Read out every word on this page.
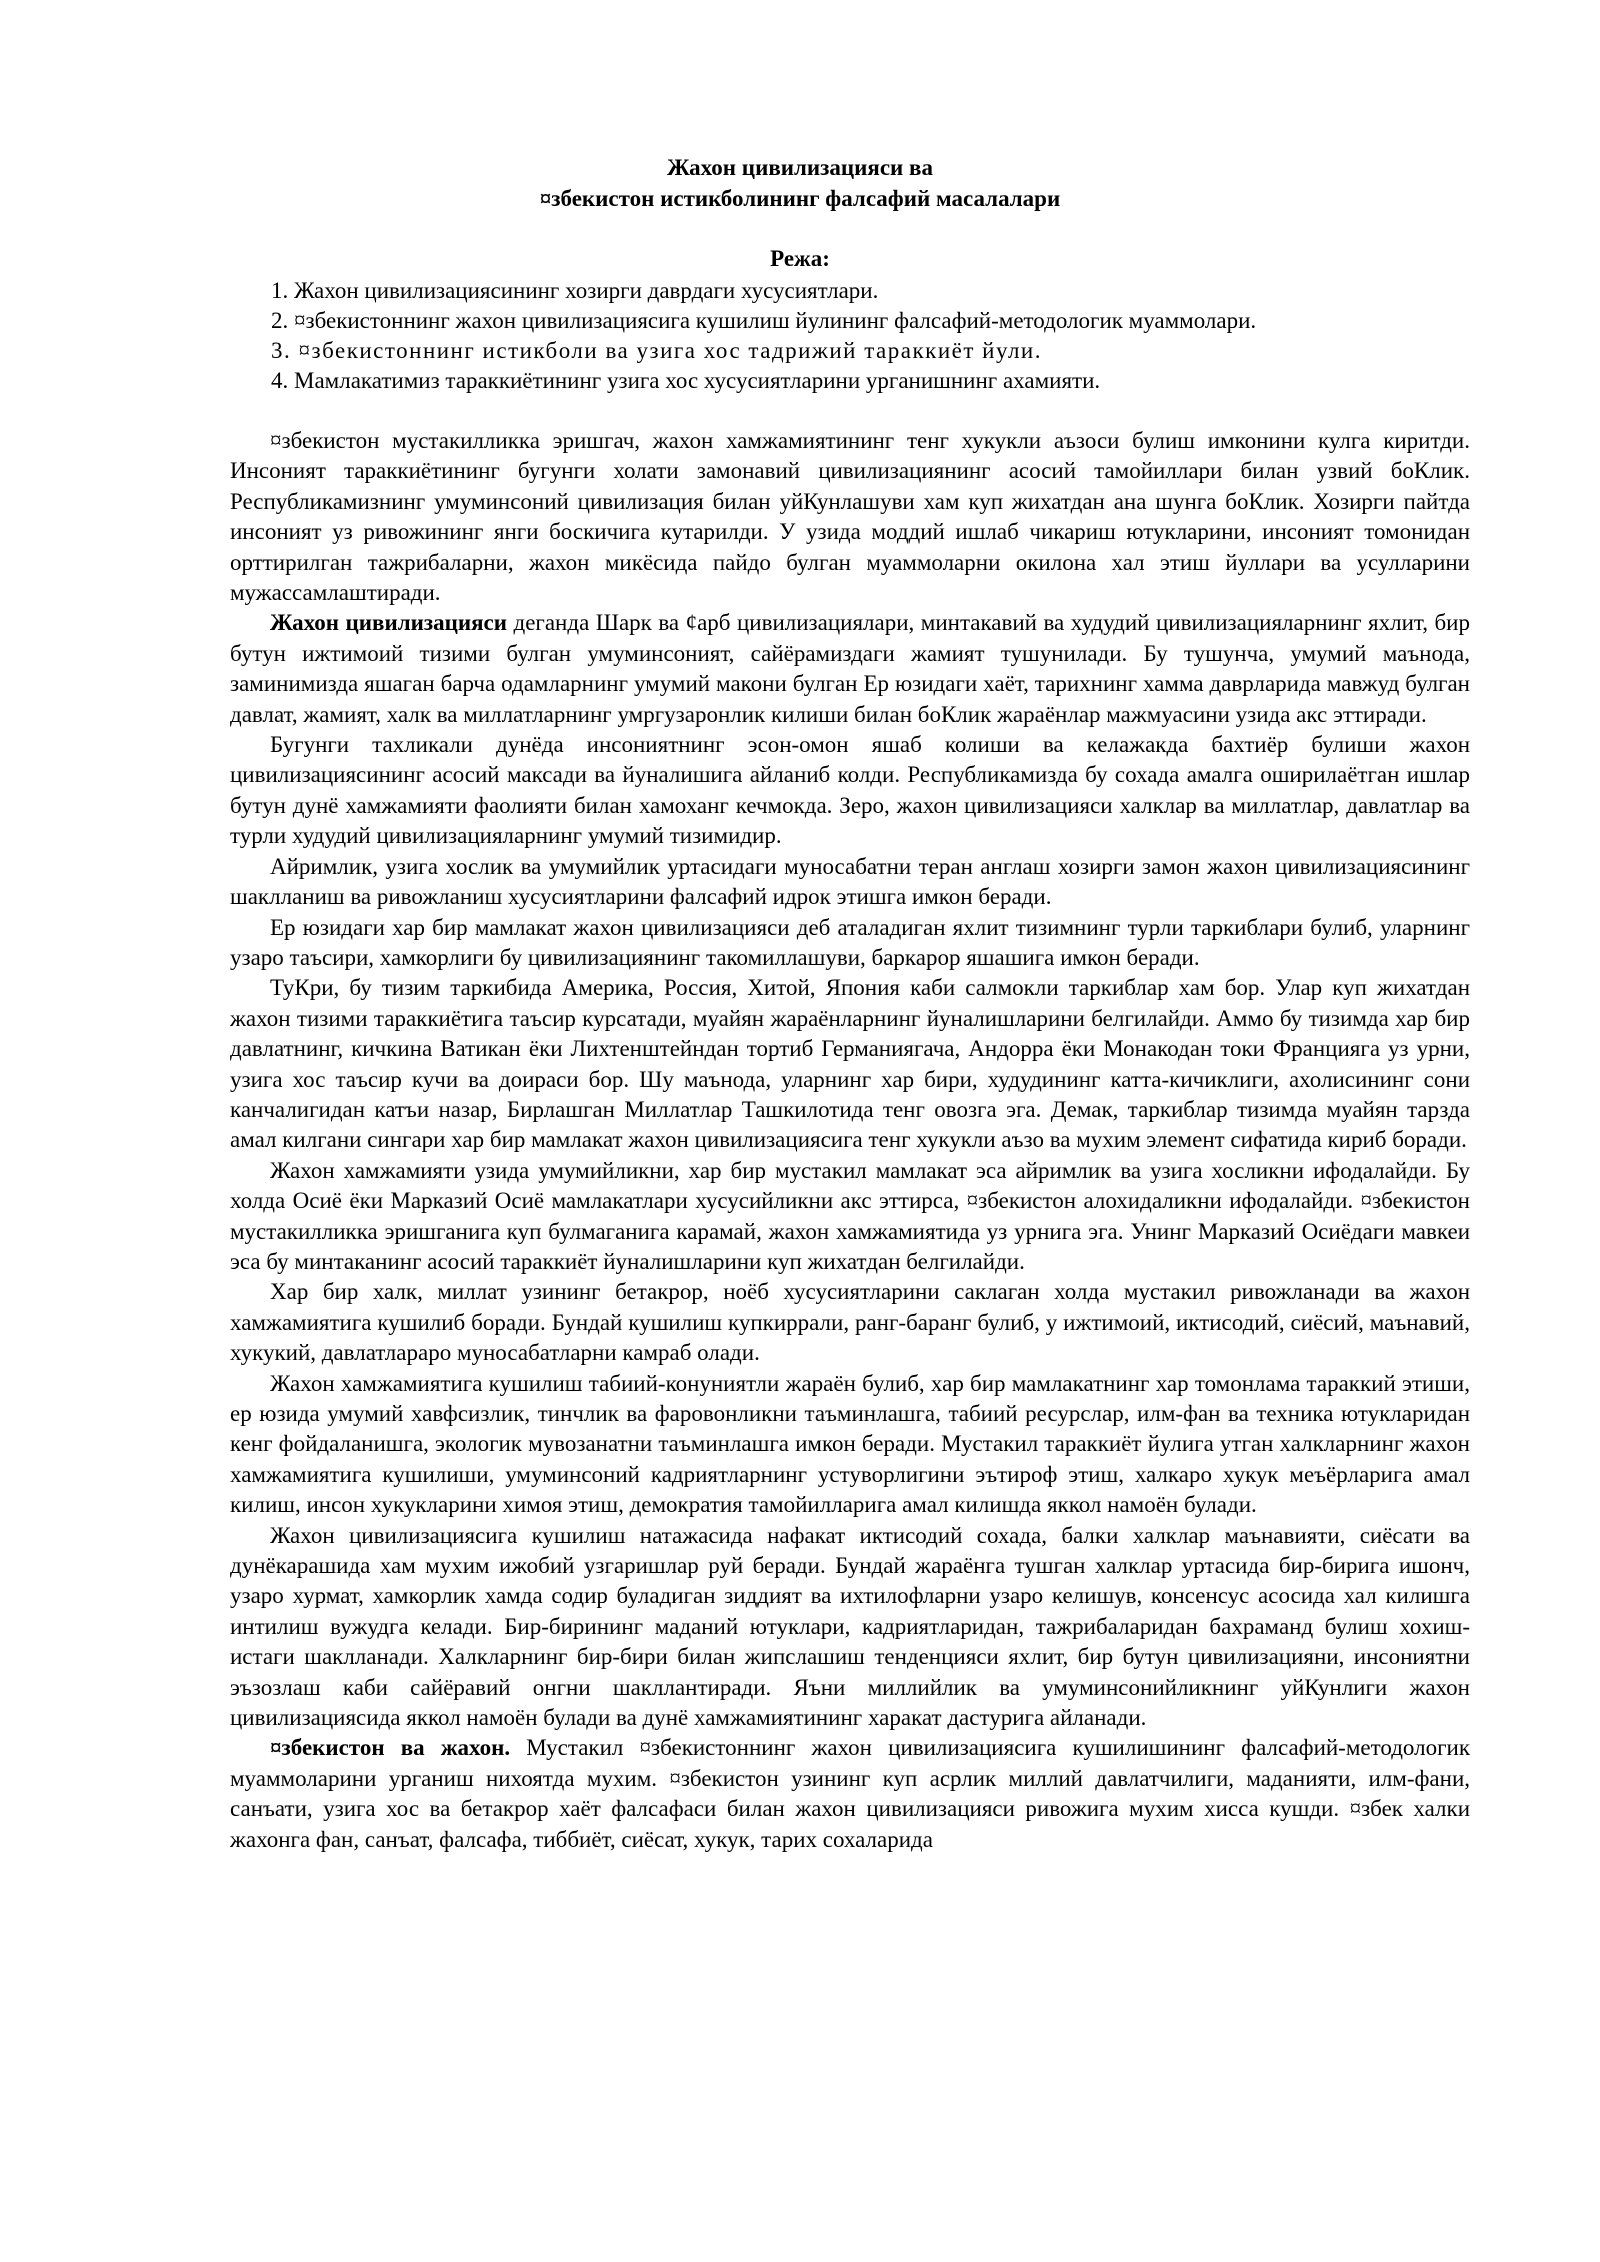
Жахон цивилизацияси ва
¤збекистон истикболининг фалсафий масалалари
Режа:
1. Жахон цивилизациясининг хозирги даврдаги хусусиятлари.
2. ¤збекистоннинг жахон цивилизациясига кушилиш йулининг фалсафий-методологик муаммолари.
3. ¤збекистоннинг истикболи ва узига хос тадрижий тараккиёт йули.
4. Мамлакатимиз тараккиётининг узига хос хусусиятларини урганишнинг ахамияти.

¤збекистон мустакилликка эришгач, жахон хамжамиятининг тенг хукукли аъзоси булиш имконини кулга киритди. Инсоният тараккиётининг бугунги холати замонавий цивилизациянинг асосий тамойиллари билан узвий боКлик. Республикамизнинг умуминсоний цивилизация билан уйКунлашуви хам куп жихатдан ана шунга боКлик. Хозирги пайтда инсоният уз ривожининг янги боскичига кутарилди. У узида моддий ишлаб чикариш ютукларини, инсоният томонидан орттирилган тажрибаларни, жахон микёсида пайдо булган муаммоларни окилона хал этиш йуллари ва усулларини мужассамлаштиради.

Жахон цивилизацияси деганда Шарк ва ¢арб цивилизациялари, минтакавий ва худудий цивилизацияларнинг яхлит, бир бутун ижтимоий тизими булган умуминсоният, сайёрамиздаги жамият тушунилади. Бу тушунча, умумий маънода, заминимизда яшаган барча одамларнинг умумий макони булган Ер юзидаги хаёт, тарихнинг хамма даврларида мавжуд булган давлат, жамият, халк ва миллатларнинг умргузаронлик килиши билан боКлик жараёнлар мажмуасини узида акс эттиради.

Бугунги тахликали дунёда инсониятнинг эсон-омон яшаб колиши ва келажакда бахтиёр булиши жахон цивилизациясининг асосий максади ва йуналишига айланиб колди. Республикамизда бу сохада амалга оширилаётган ишлар бутун дунё хамжамияти фаолияти билан хамоханг кечмокда. Зеро, жахон цивилизацияси халклар ва миллатлар, давлатлар ва турли худудий цивилизацияларнинг умумий тизимидир.

Айримлик, узига хослик ва умумийлик уртасидаги муносабатни теран англаш хозирги замон жахон цивилизациясининг шаклланиш ва ривожланиш хусусиятларини фалсафий идрок этишга имкон беради.

Ер юзидаги хар бир мамлакат жахон цивилизацияси деб аталадиган яхлит тизимнинг турли таркиблари булиб, уларнинг узаро таъсири, хамкорлиги бу цивилизациянинг такомиллашуви, баркарор яшашига имкон беради.

ТуКри, бу тизим таркибида Америка, Россия, Хитой, Япония каби салмокли таркиблар хам бор. Улар куп жихатдан жахон тизими тараккиётига таъсир курсатади, муайян жараёнларнинг йуналишларини белгилайди. Аммо бу тизимда хар бир давлатнинг, кичкина Ватикан ёки Лихтенштейндан тортиб Германиягача, Андорра ёки Монакодан токи Францияга уз урни, узига хос таъсир кучи ва доираси бор. Шу маънода, уларнинг хар бири, худудининг катта-кичиклиги, ахолисининг сони канчалигидан катъи назар, Бирлашган Миллатлар Ташкилотида тенг овозга эга. Демак, таркиблар тизимда муайян тарзда амал килгани сингари хар бир мамлакат жахон цивилизациясига тенг хукукли аъзо ва мухим элемент сифатида кириб боради.

Жахон хамжамияти узида умумийликни, хар бир мустакил мамлакат эса айримлик ва узига хосликни ифодалайди. Бу холда Осиё ёки Марказий Осиё мамлакатлари хусусийликни акс эттирса, ¤збекистон алохидаликни ифодалайди. ¤збекистон мустакилликка эришганига куп булмаганига карамай, жахон хамжамиятида уз урнига эга. Унинг Марказий Осиёдаги мавкеи эса бу минтаканинг асосий тараккиёт йуналишларини куп жихатдан белгилайди.

Хар бир халк, миллат узининг бетакрор, ноёб хусусиятларини саклаган холда мустакил ривожланади ва жахон хамжамиятига кушилиб боради. Бундай кушилиш купкиррали, ранг-баранг булиб, у ижтимоий, иктисодий, сиёсий, маънавий, хукукий, давлатлараро муносабатларни камраб олади.

Жахон хамжамиятига кушилиш табиий-конуниятли жараён булиб, хар бир мамлакатнинг хар томонлама тараккий этиши, ер юзида умумий хавфсизлик, тинчлик ва фаровонликни таъминлашга, табиий ресурслар, илм-фан ва техника ютукларидан кенг фойдаланишга, экологик мувозанатни таъминлашга имкон беради. Мустакил тараккиёт йулига утган халкларнинг жахон хамжамиятига кушилиши, умуминсоний кадриятларнинг устуворлигини эътироф этиш, халкаро хукук меъёрларига амал килиш, инсон хукукларини химоя этиш, демократия тамойилларига амал килишда яккол намоён булади.

Жахон цивилизациясига кушилиш натажасида нафакат иктисодий сохада, балки халклар маънавияти, сиёсати ва дунёкарашида хам мухим ижобий узгаришлар руй беради. Бундай жараёнга тушган халклар уртасида бир-бирига ишонч, узаро хурмат, хамкорлик хамда содир буладиган зиддият ва ихтилофларни узаро келишув, консенсус асосида хал килишга интилиш вужудга келади. Бир-бирининг маданий ютуклари, кадриятларидан, тажрибаларидан бахраманд булиш хохиш-истаги шаклланади. Халкларнинг бир-бири билан жипслашиш тенденцияси яхлит, бир бутун цивилизацияни, инсониятни эъзозлаш каби сайёравий онгни шакллантиради. Яъни миллийлик ва умуминсонийликнинг уйКунлиги жахон цивилизациясида яккол намоён булади ва дунё хамжамиятининг харакат дастурига айланади.

¤збекистон ва жахон. Мустакил ¤збекистоннинг жахон цивилизациясига кушилишининг фалсафий-методологик муаммоларини урганиш нихоятда мухим. ¤збекистон узининг куп асрлик миллий давлатчилиги, маданияти, илм-фани, санъати, узига хос ва бетакрор хаёт фалсафаси билан жахон цивилизацияси ривожига мухим хисса кушди. ¤збек халки жахонга фан, санъат, фалсафа, тиббиёт, сиёсат, хукук, тарих сохаларида
